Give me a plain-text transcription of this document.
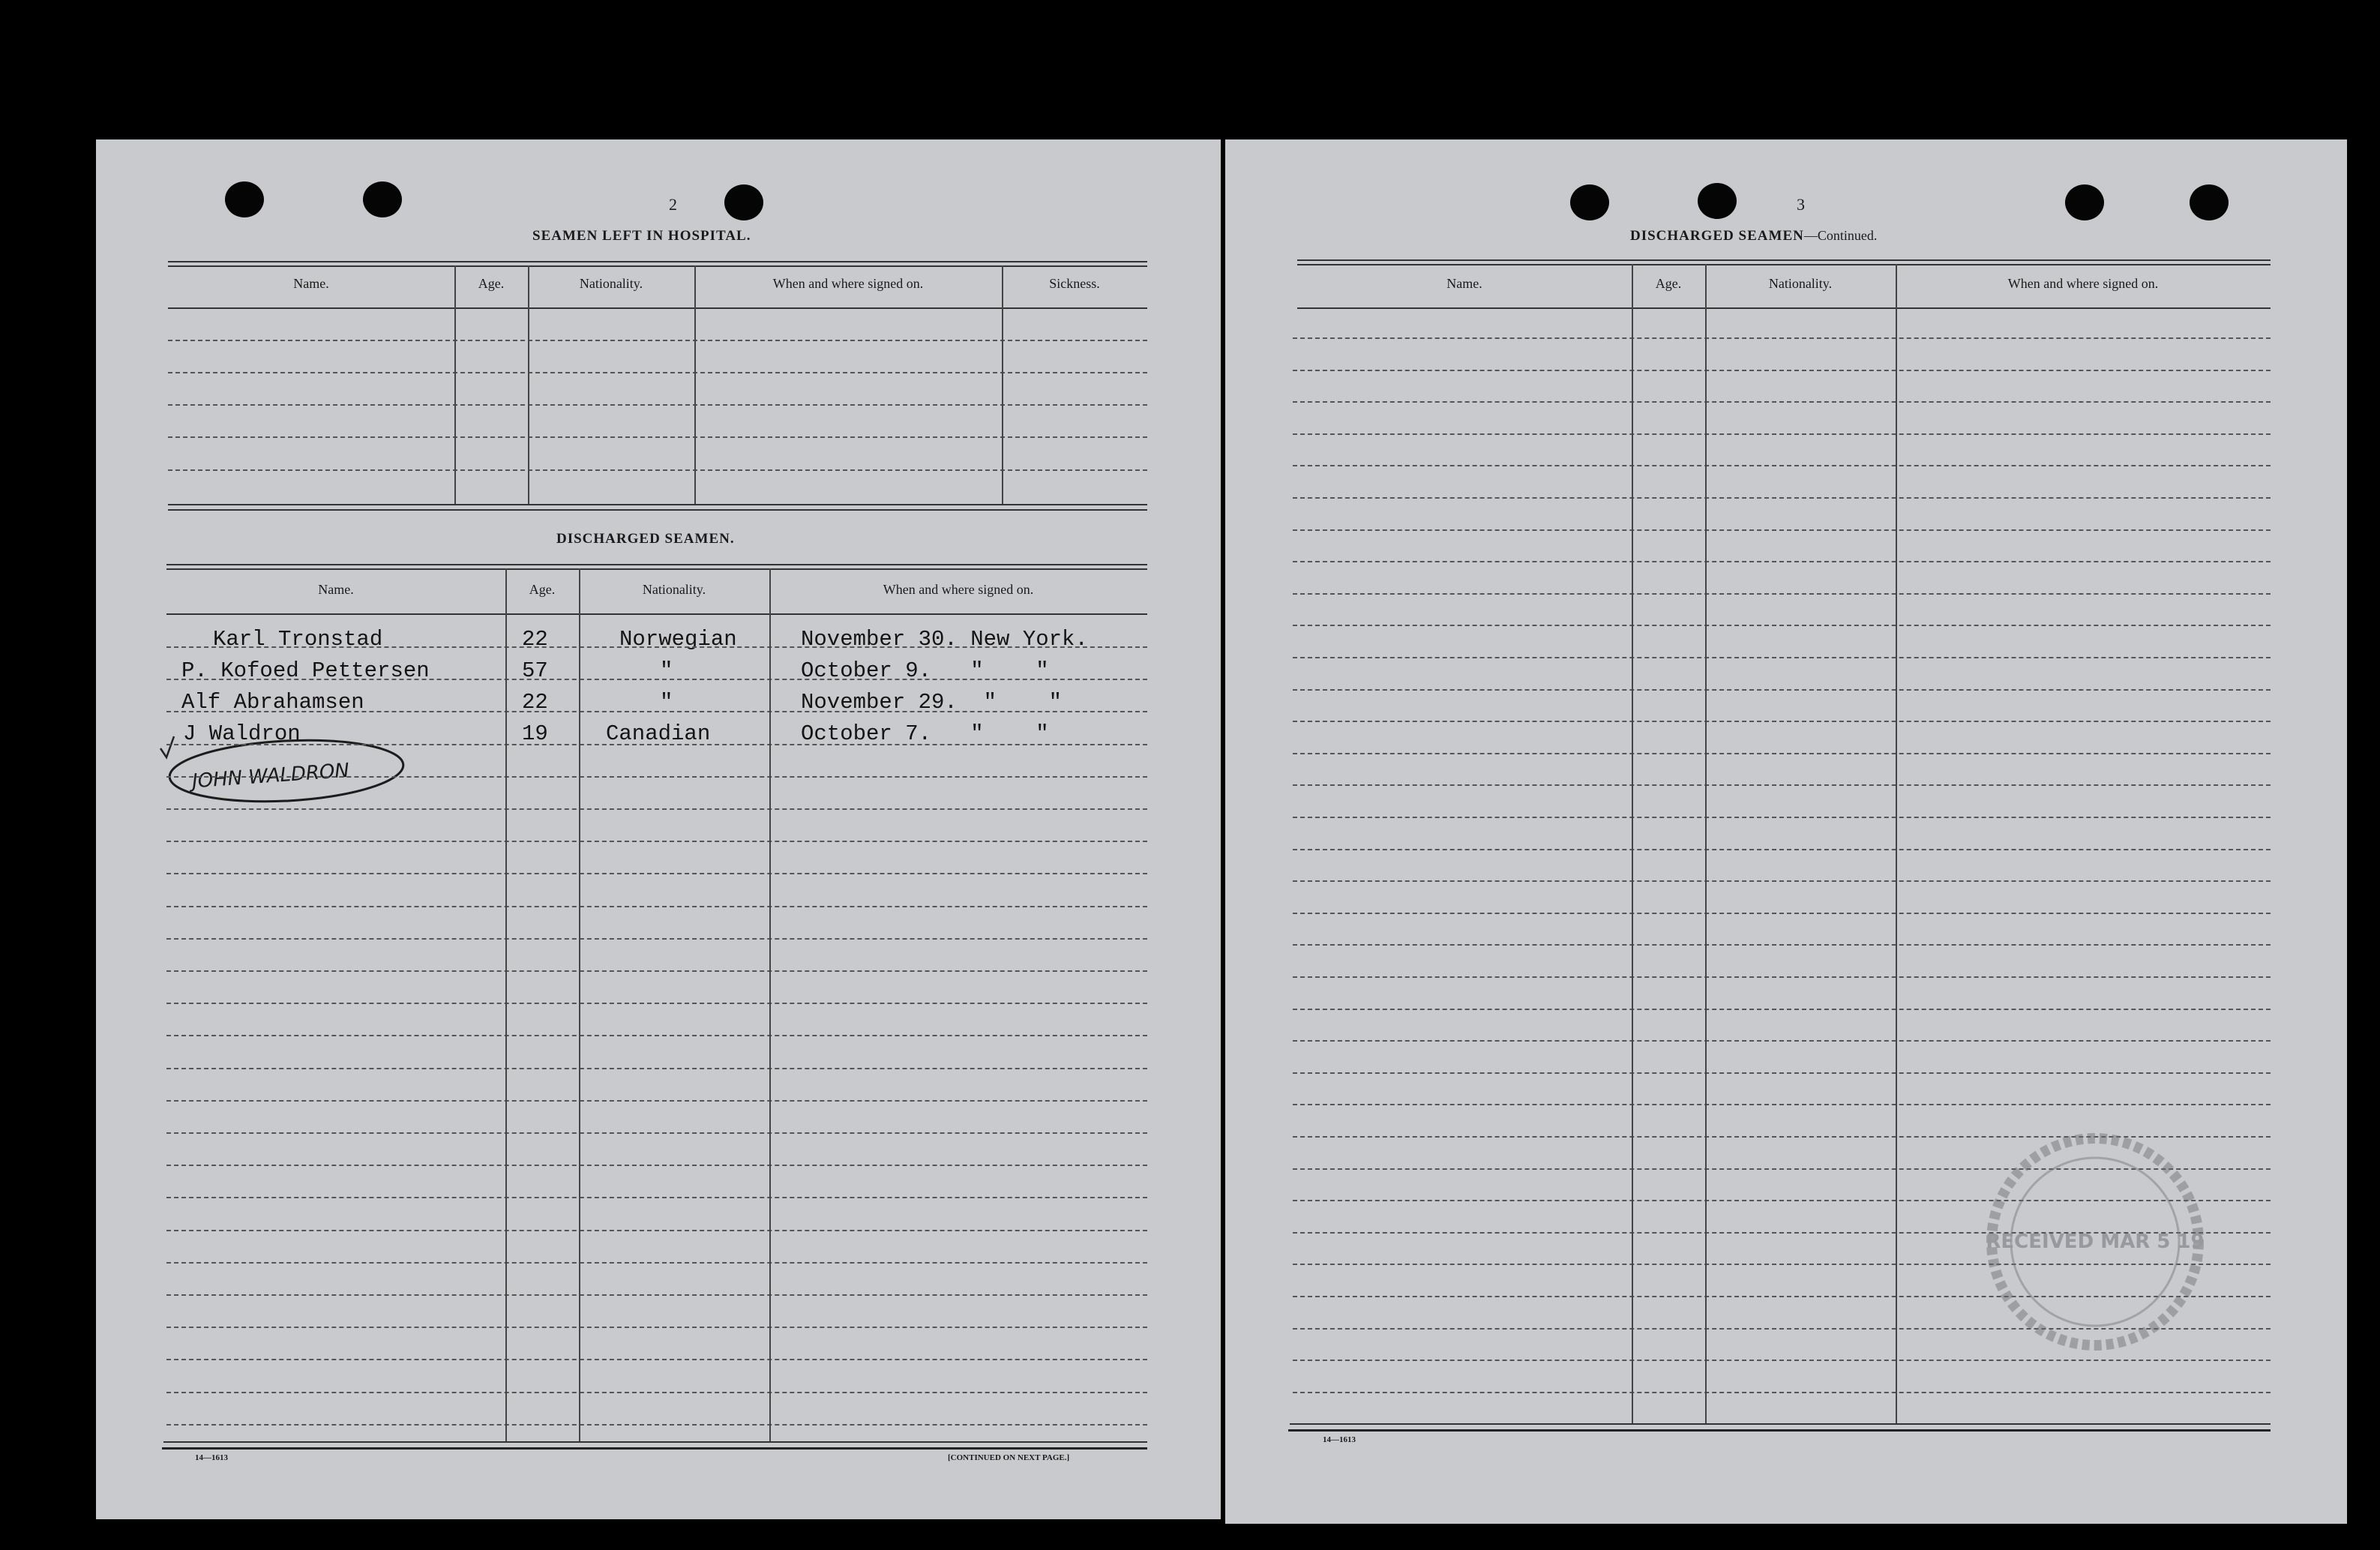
2
SEAMEN LEFT IN HOSPITAL.
Name.	Age.	Nationality.	When and where signed on.	Sickness.
DISCHARGED SEAMEN.
Name.	Age.	Nationality.	When and where signed on.
Karl Tronstad	22	Norwegian	November 30. New York.
P. Kofoed Pettersen	57	"	October 9.   "    "
Alf Abrahamsen	22	"	November 29.  "    "
J Waldron	19	Canadian	October 7.   "    "
JOHN WALDRON
14—1613	[CONTINUED ON NEXT PAGE.]
3
DISCHARGED SEAMEN—Continued.
Name.	Age.	Nationality.	When and where signed on.
14—1613
RECEIVED MAR 5 19
